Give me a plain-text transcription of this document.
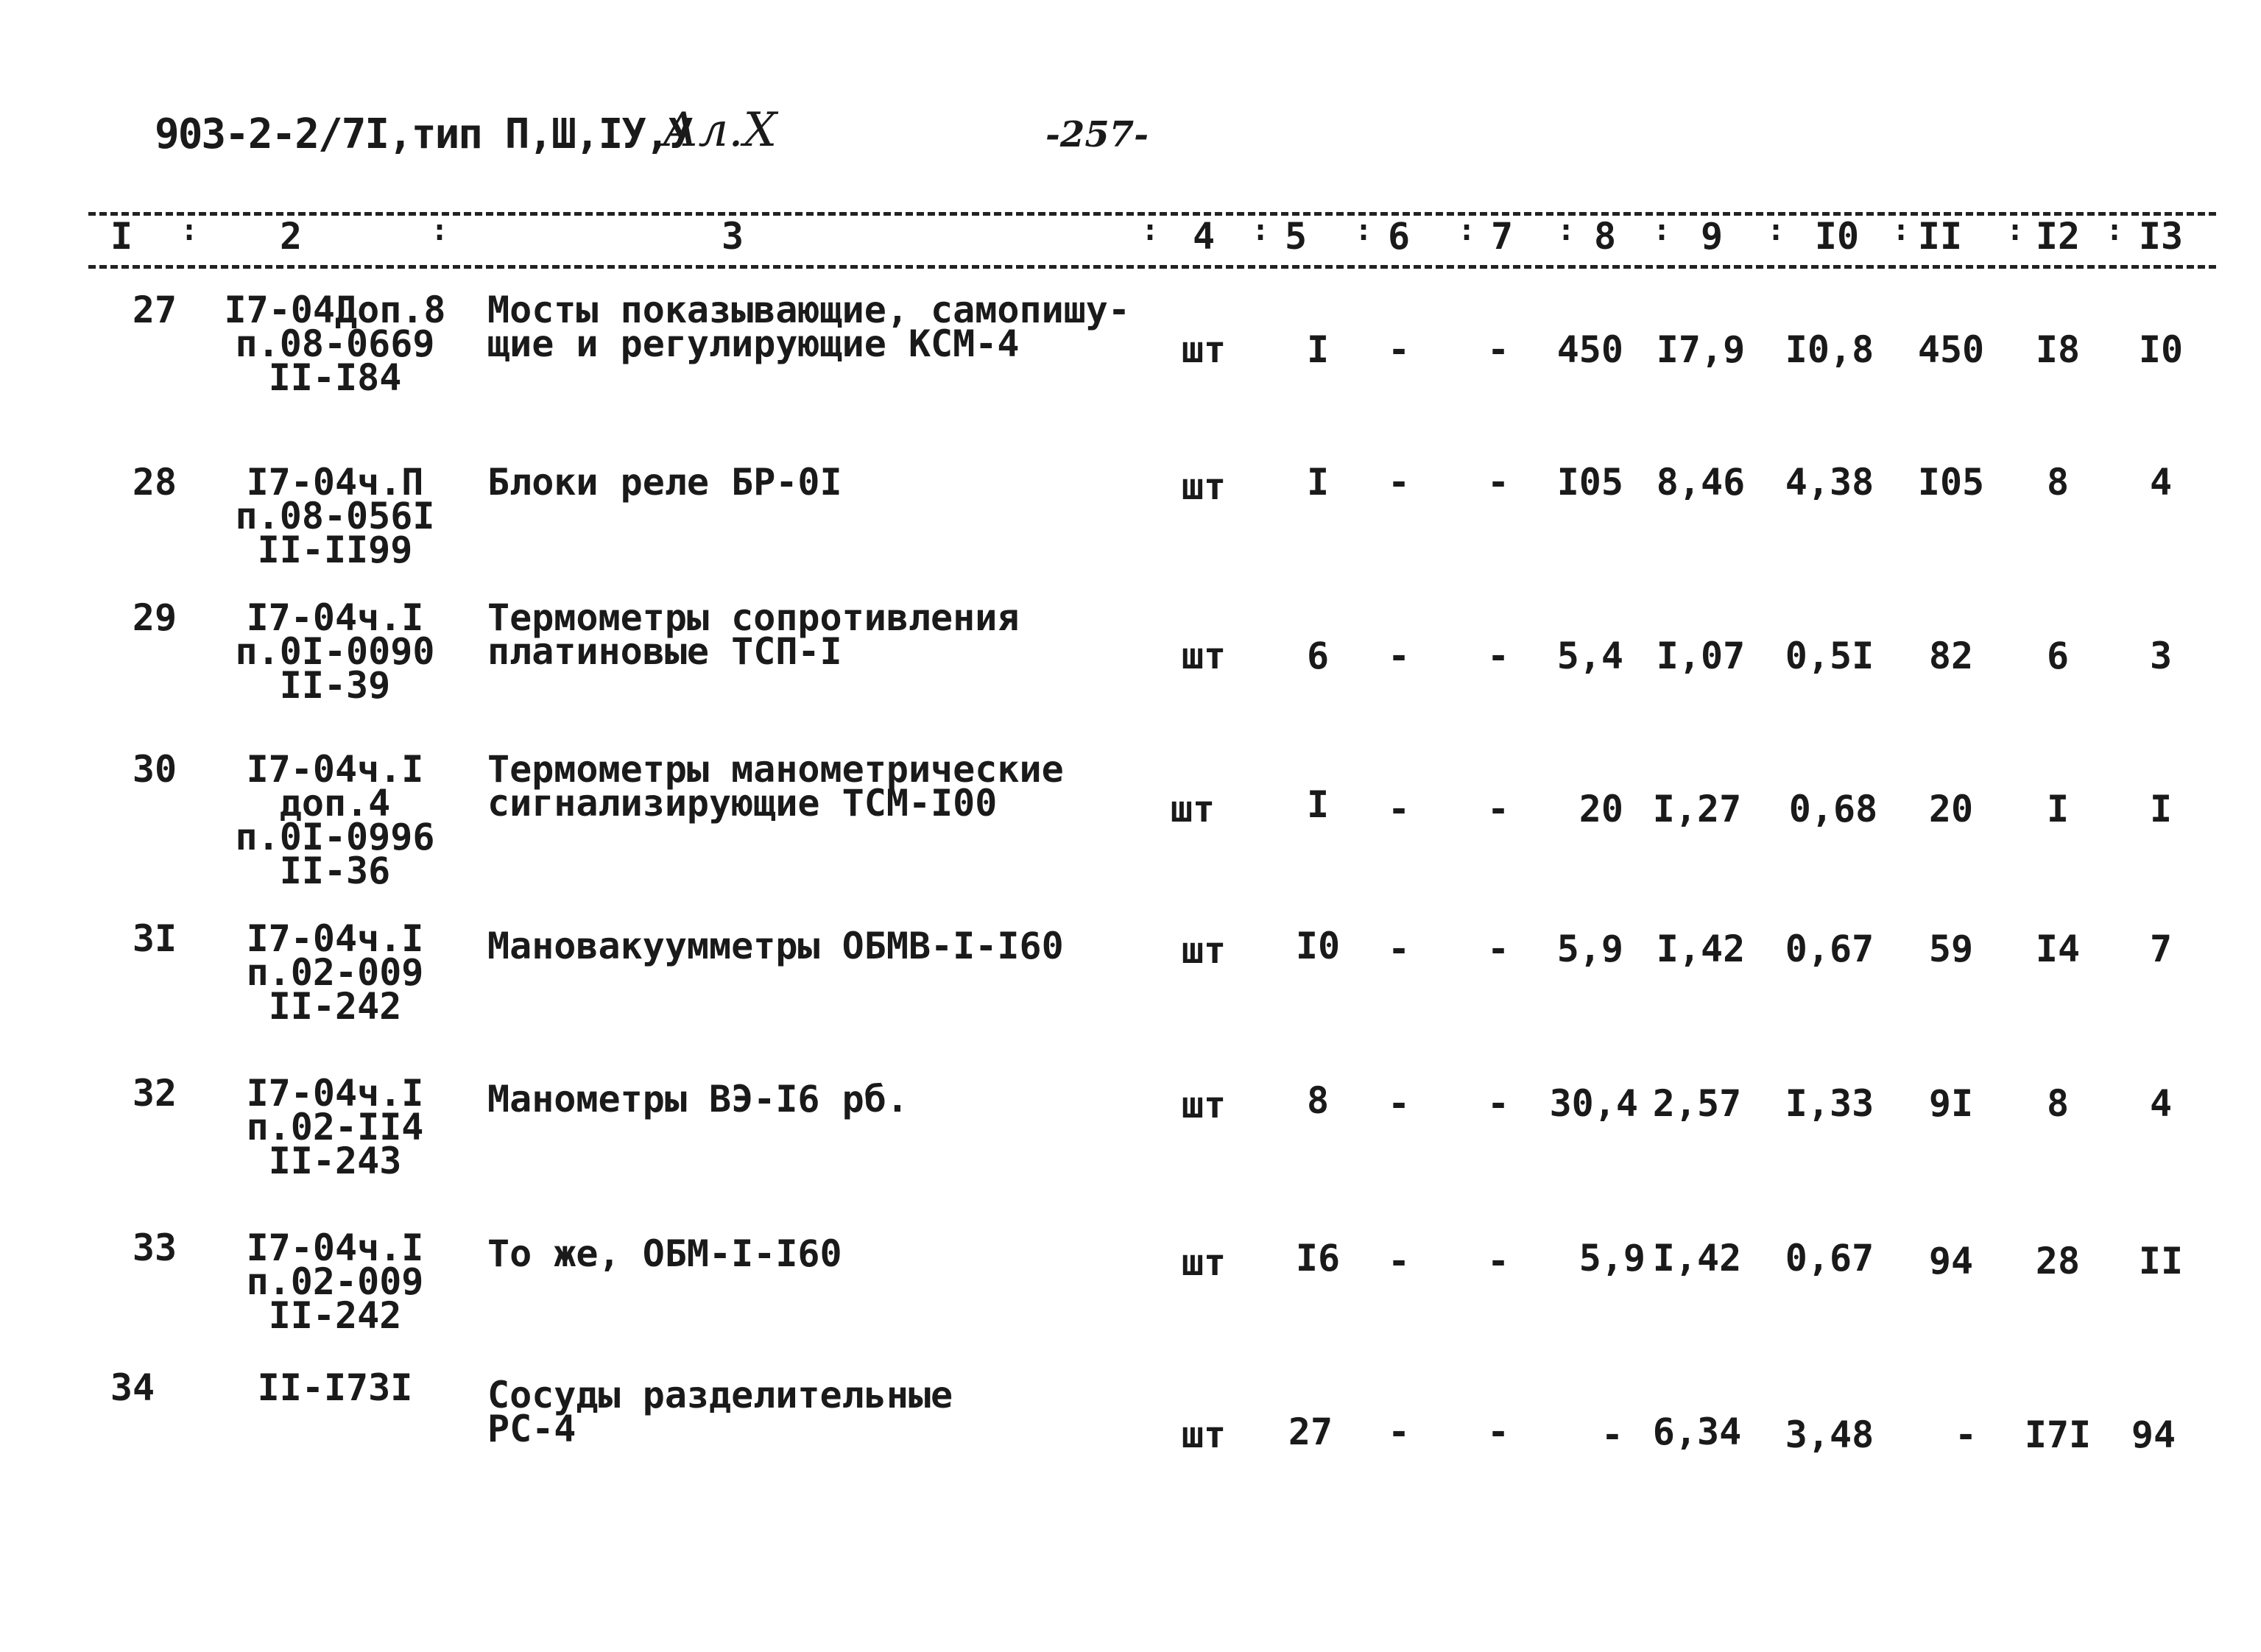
903-2-2/7I,тип П,Ш,IУ,У
Ал.Х	-257-
I	2	3	4	5	6	7	8	9	I0	II I2 I3
:	:	:	:	:	:	:	:	:	:	:	:
27 I7-04Доп.8
п.08-0669
II-I84
Мосты показывающие, самопишу-
щие и регулирующие КСМ-4	шт	I	-	-	450 I7,9	I0,8	450	I8	I0
28	I7-04ч.П
п.08-056I
II-II99
Блоки реле БР-0I	шт	I	-	-	I05 8,46	4,38	I05	8	4
29	I7-04ч.I
п.0I-0090
II-39
Термометры сопротивления
платиновые ТСП-I	шт	6	-	-	5,4 I,07	0,5I	82	6	3
30	I7-04ч.I
доп.4
п.0I-0996
II-36
Термометры манометрические
сигнализирующие ТСМ-I00	шт	I	-	-	20 I,27	0,68	20	I	I
3I	I7-04ч.I
п.02-009
II-242
Мановакуумметры ОБМВ-I-I60	шт I0	-	-	5,9 I,42	0,67	59	I4	7
32	I7-04ч.I
п.02-II4
II-243
Манометры ВЭ-I6 рб.	шт	8	-	-	30,4 2,57	I,33	9I	8	4
33	I7-04ч.I
п.02-009
II-242
То же, ОБМ-I-I60	шт I6	-	-	5,9 I,42	0,67	94	28	II
34	II-I73I	Сосуды разделительные
РС-4	шт 27	-	-	- 6,34	3,48	-	I7I	94
